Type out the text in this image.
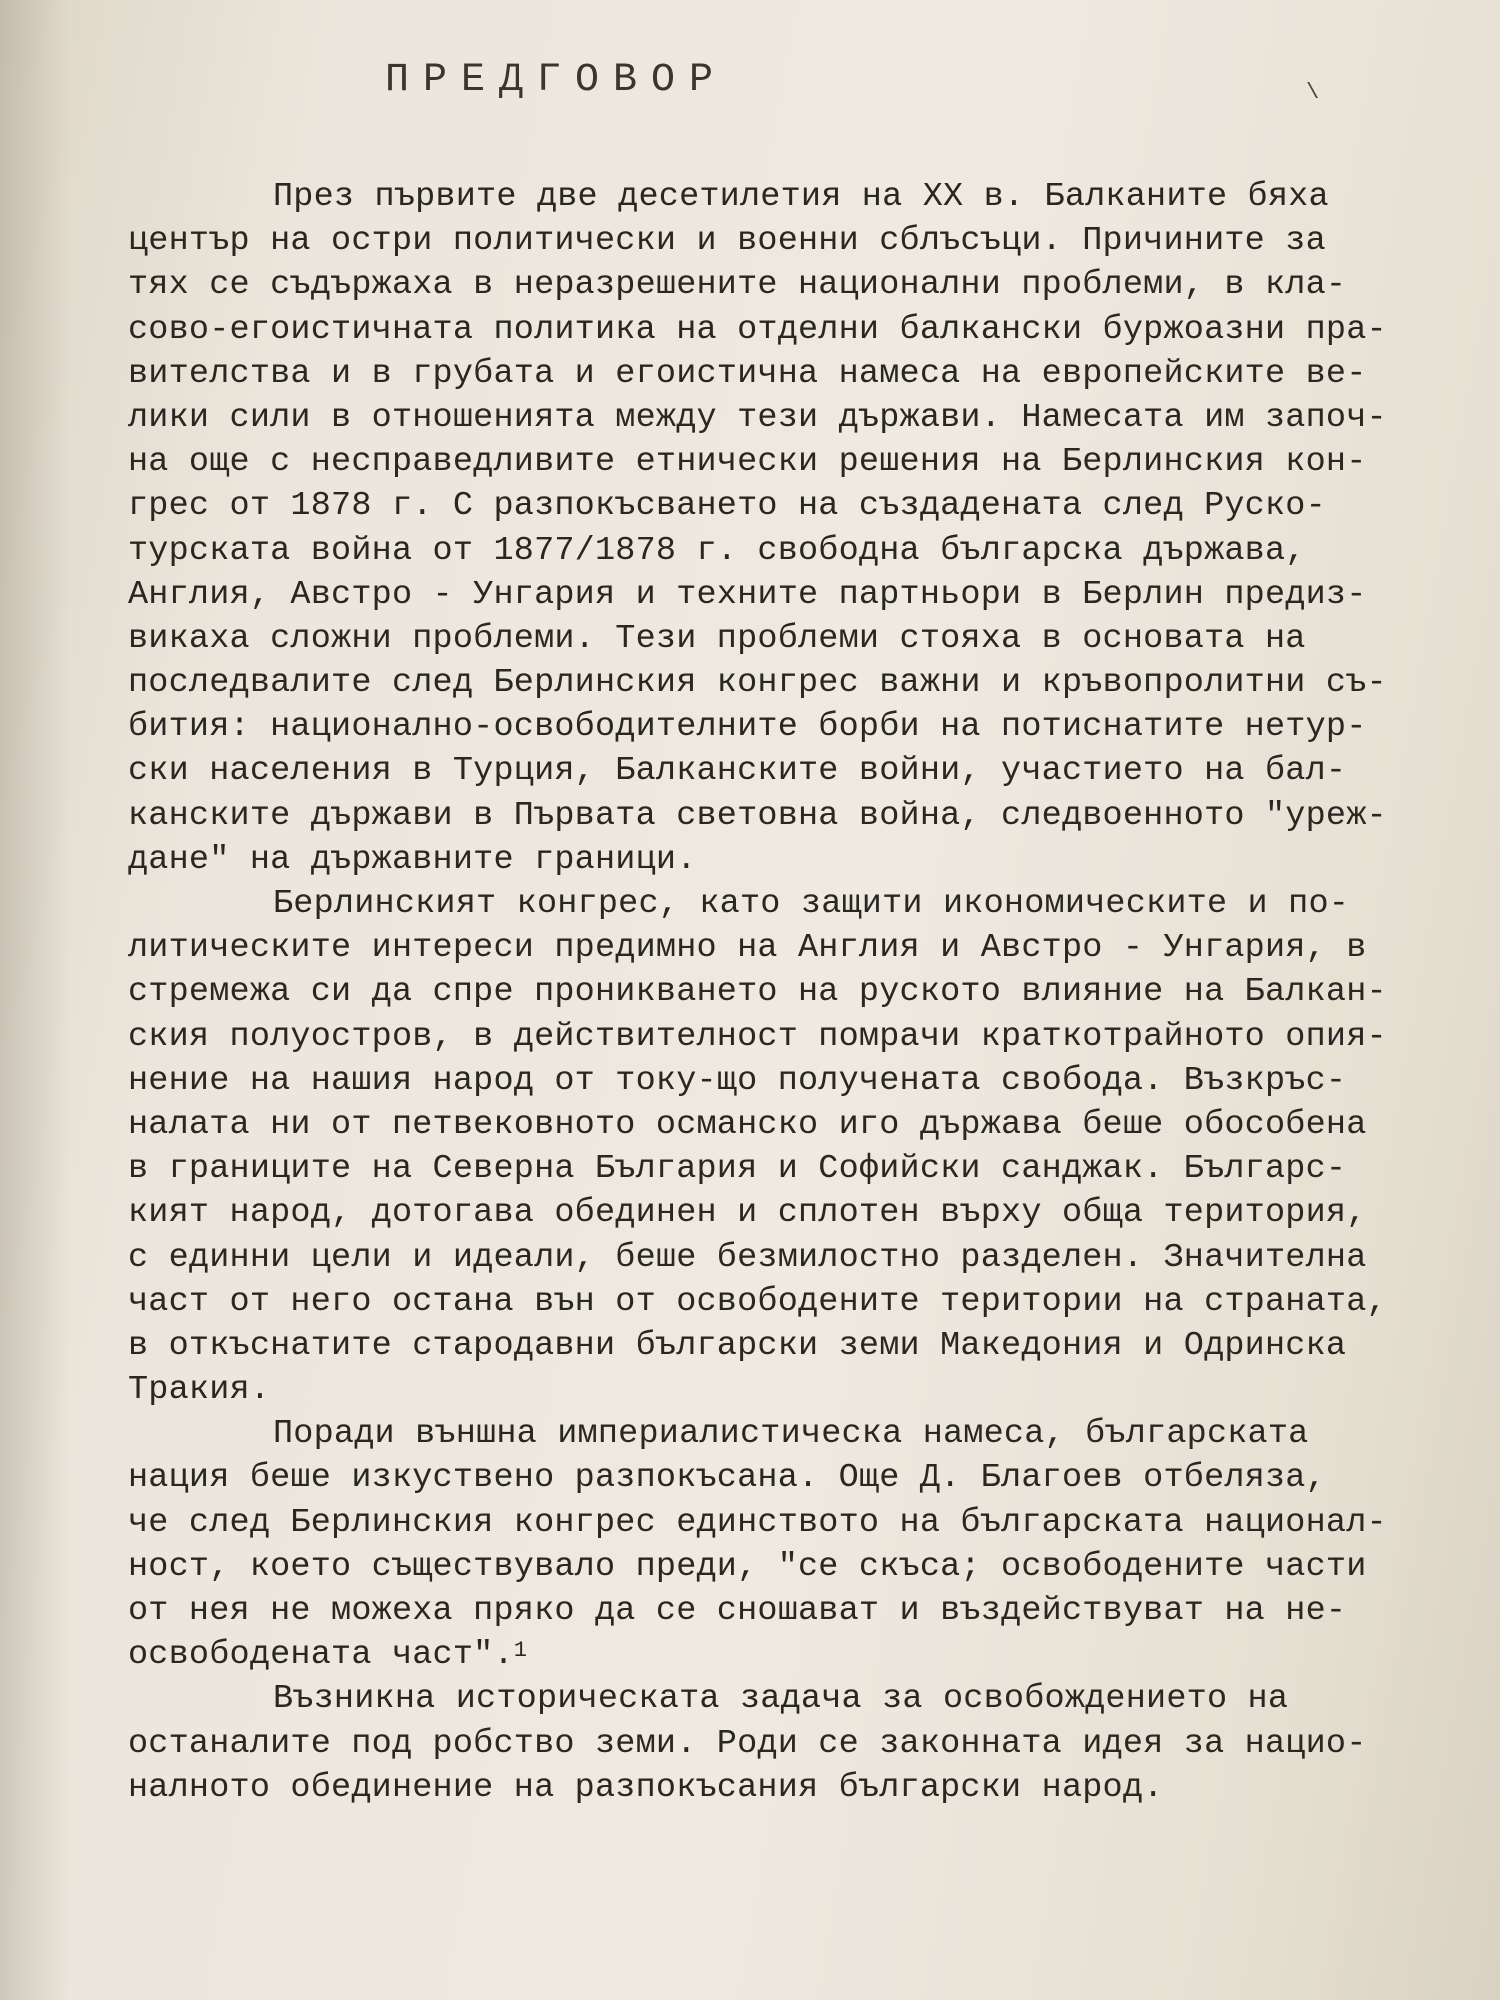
ПРЕДГОВОР	\
През първите две десетилетия на XX в. Балканите бяха
център на остри политически и военни сблъсъци. Причините за
тях се съдържаха в неразрешените национални проблеми, в кла-
сово-егоистичната политика на отделни балкански буржоазни пра-
вителства и в грубата и егоистична намеса на европейските ве-
лики сили в отношенията между тези държави. Намесата им започ-
на още с несправедливите етнически решения на Берлинския кон-
грес от 1878 г. С разпокъсването на създадената след Руско-
турската война от 1877/1878 г. свободна българска държава,
Англия, Австро - Унгария и техните партньори в Берлин предиз-
викаха сложни проблеми. Тези проблеми стояха в основата на
последвалите след Берлинския конгрес важни и кръвопролитни съ-
бития: национално-освободителните борби на потиснатите нетур-
ски населения в Турция, Балканските войни, участието на бал-
канските държави в Първата световна война, следвоенното "уреж-
дане" на държавните граници.
Берлинският конгрес, като защити икономическите и по-
литическите интереси предимно на Англия и Австро - Унгария, в
стремежа си да спре проникването на руското влияние на Балкан-
ския полуостров, в действителност помрачи краткотрайното опия-
нение на нашия народ от току-що получената свобода. Възкръс-
налата ни от петвековното османско иго държава беше обособена
в границите на Северна България и Софийски санджак. Българс-
кият народ, дотогава обединен и сплотен върху обща територия,
с единни цели и идеали, беше безмилостно разделен. Значителна
част от него остана вън от освободените територии на страната,
в откъснатите стародавни български земи Македония и Одринска
Тракия.
Поради външна империалистическа намеса, българската
нация беше изкуствено разпокъсана. Още Д. Благоев отбеляза,
че след Берлинския конгрес единството на българската национал-
ност, което съществувало преди, "се скъса; освободените части
от нея не можеха пряко да се сношават и въздействуват на не-
освободената част".$^1$
Възникна историческата задача за освобождението на
останалите под робство земи. Роди се законната идея за нацио-
налното обединение на разпокъсания български народ.
